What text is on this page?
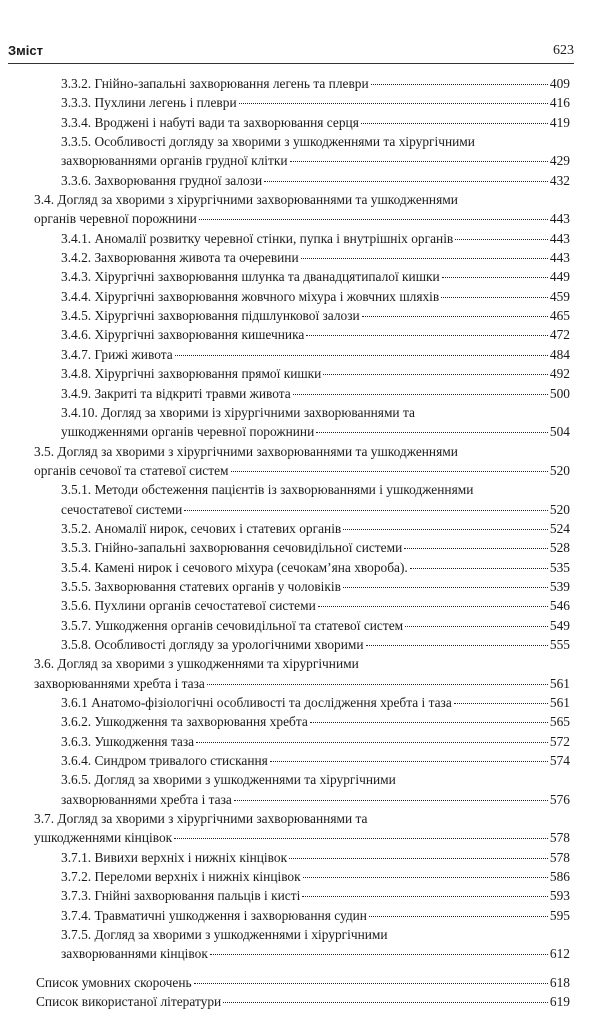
Зміст	623
3.3.2. Гнійно-запальні захворювання легень та плеври	409
3.3.3. Пухлини легень і плеври	416
3.3.4. Вроджені і набуті вади та захворювання серця	419
3.3.5. Особливості догляду за хворими з ушкодженнями та хірургічними
захворюваннями органів грудної клітки	429
3.3.6. Захворювання грудної залози	432
3.4. Догляд за хворими з хірургічними захворюваннями та ушкодженнями
органів черевної порожнини	443
3.4.1. Аномалії розвитку черевної стінки, пупка і внутрішніх органів	443
3.4.2. Захворювання живота та очеревини	443
3.4.3. Хірургічні захворювання шлунка та дванадцятипалої кишки	449
3.4.4. Хірургічні захворювання жовчного міхура і жовчних шляхів	459
3.4.5. Хірургічні захворювання підшлункової залози	465
3.4.6. Хірургічні захворювання кишечника	472
3.4.7. Грижі живота	484
3.4.8. Хірургічні захворювання прямої кишки	492
3.4.9. Закриті та відкриті травми живота	500
3.4.10. Догляд за хворими із хірургічними захворюваннями та
ушкодженнями органів черевної порожнини	504
3.5. Догляд за хворими з хірургічними захворюваннями та ушкодженнями
органів сечової та статевої систем	520
3.5.1. Методи обстеження пацієнтів із захворюваннями і ушкодженнями
сечостатевої системи	520
3.5.2. Аномалії нирок, сечових і статевих органів	524
3.5.3. Гнійно-запальні захворювання сечовидільної системи	528
3.5.4. Камені нирок і сечового міхура (сечокам’яна хвороба).	535
3.5.5. Захворювання статевих органів у чоловіків	539
3.5.6. Пухлини органів сечостатевої системи	546
3.5.7. Ушкодження органів сечовидільної та статевої систем	549
3.5.8. Особливості догляду за урологічними хворими	555
3.6. Догляд за хворими з ушкодженнями та хірургічними
захворюваннями хребта і таза	561
3.6.1 Анатомо-фізіологічні особливості та дослідження хребта і таза	561
3.6.2. Ушкодження та захворювання хребта	565
3.6.3. Ушкодження таза	572
3.6.4. Синдром тривалого стискання	574
3.6.5. Догляд за хворими з ушкодженнями та хірургічними
захворюваннями хребта і таза	576
3.7. Догляд за хворими з хірургічними захворюваннями та
ушкодженнями кінцівок	578
3.7.1. Вивихи верхніх і нижніх кінцівок	578
3.7.2. Переломи верхніх і нижніх кінцівок	586
3.7.3. Гнійні захворювання пальців і кисті	593
3.7.4. Травматичні ушкодження і захворювання судин	595
3.7.5. Догляд за хворими з ушкодженнями і хірургічними
захворюваннями кінцівок	612
Список умовних скорочень	618
Список використаної літератури	619
